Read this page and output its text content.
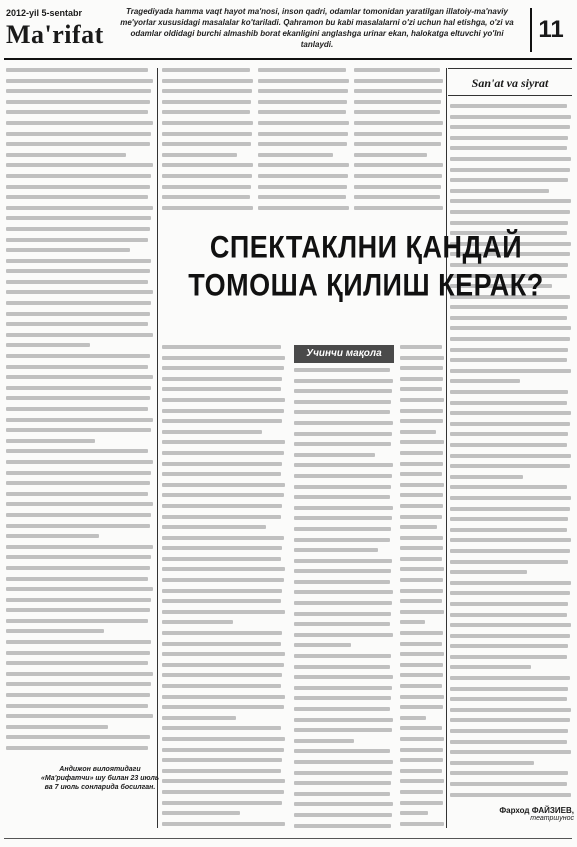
2012-yil 5-sentabr
Ma'rifat
Tragediyada hamma vaqt hayot ma'nosi, inson qadri, odamlar tomonidan yaratilgan illatoiy-ma'naviy me'yorlar xususidagi masalalar ko'tariladi. Qahramon bu kabi masalalarni o'zi uchun hal etishga, o'zi va odamlar oldidagi burchi almashib borat ekanligini anglashga urinar ekan, halokatga eltuvchi yo'lni tanlaydi.
11
San'at va siyrat
СПЕКТАКЛНИ ҚАНДАЙ
ТОМОША ҚИЛИШ КЕРАК?
Учинчи мақола
Андижон вилоятидаги «Ма'рифатчи» шу билан 23 июль ва 7 июль сонларида босилган.
Фарход ФАЙЗИЕВ,
театршунос
